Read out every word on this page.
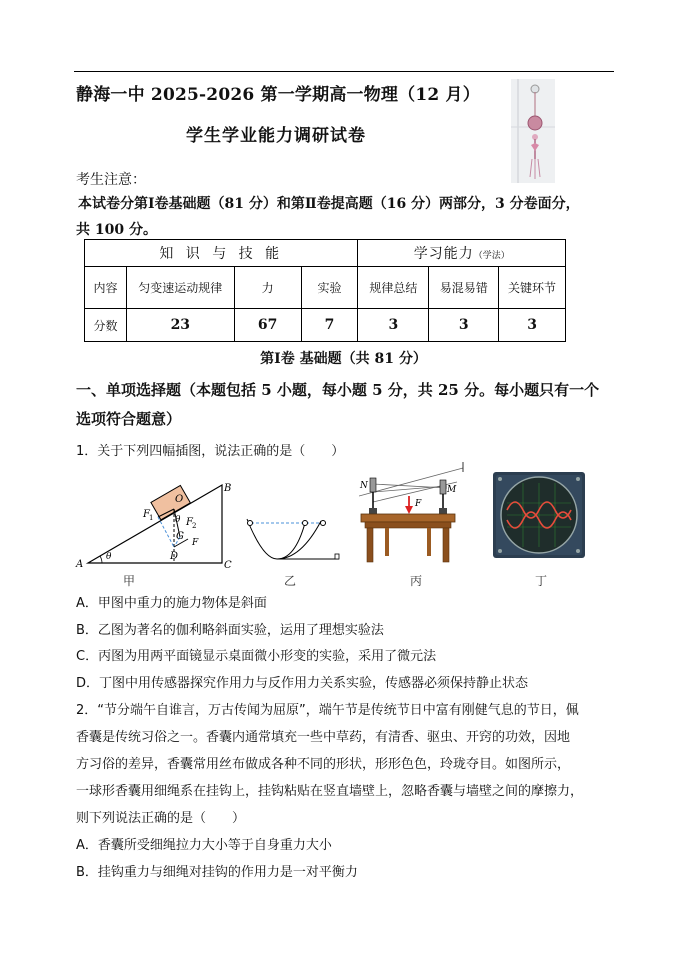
静海一中 2025-2026 第一学期高一物理（12 月）
学生学业能力调研试卷
考生注意：
本试卷分第Ⅰ卷基础题（81 分）和第Ⅱ卷提高题（16 分）两部分，3 分卷面分，
共 100 分。
知 识 与 技 能				学习能力（学法）		
内容	匀变速运动规律	力	实验	规律总结	易混易错	关键环节
分数	23	67	7	3	3	3
第Ⅰ卷 基础题（共 81 分）
一、单项选择题（本题包括 5 小题，每小题 5 分，共 25 分。每小题只有一个
选项符合题意）
1．关于下列四幅插图，说法正确的是（　　）
A
B
C
D
O
F 1	F 2
G
F
θ
θ
甲	乙
N	M
F
丙	丁
A．甲图中重力的施力物体是斜面
B．乙图为著名的伽利略斜面实验，运用了理想实验法
C．丙图为用两平面镜显示桌面微小形变的实验，采用了微元法
D．丁图中用传感器探究作用力与反作用力关系实验，传感器必须保持静止状态
2．“节分端午自谁言，万古传闻为屈原”，端午节是传统节日中富有刚健气息的节日，佩
香囊是传统习俗之一。香囊内通常填充一些中草药，有清香、驱虫、开窍的功效，因地
方习俗的差异，香囊常用丝布做成各种不同的形状，形形色色，玲珑夺目。如图所示，
一球形香囊用细绳系在挂钩上，挂钩粘贴在竖直墙壁上，忽略香囊与墙壁之间的摩擦力，
则下列说法正确的是（　　）
A．香囊所受细绳拉力大小等于自身重力大小
B．挂钩重力与细绳对挂钩的作用力是一对平衡力
